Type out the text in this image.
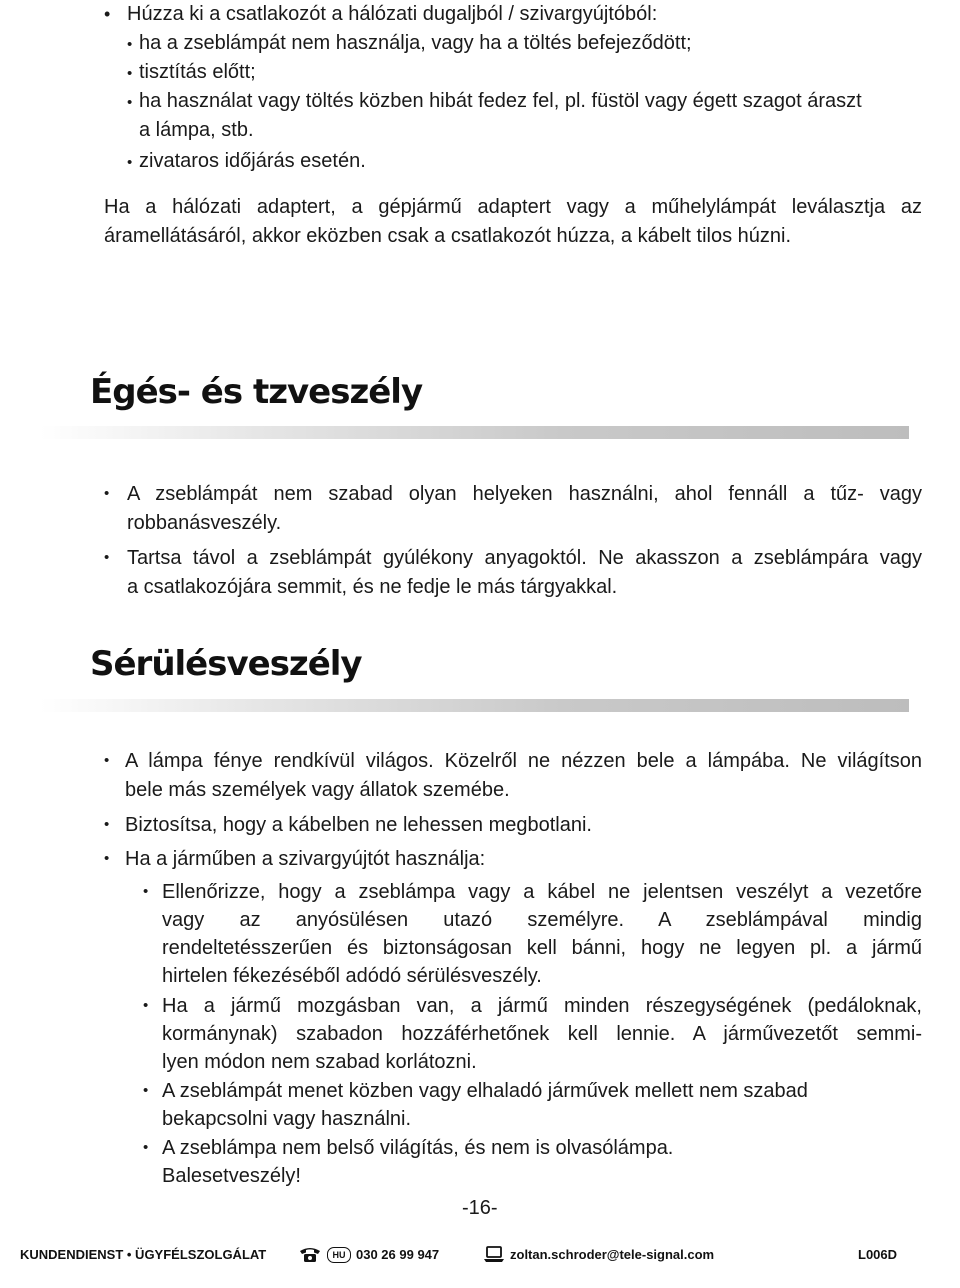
• Húzza ki a csatlakozót a hálózati dugaljból / szivargyújtóból:
• ha a zseblámpát nem használja, vagy ha a töltés befejeződött;
• tisztítás előtt;
• ha használat vagy töltés közben hibát fedez fel, pl. füstöl vagy égett szagot áraszt
a lámpa, stb.
• zivataros időjárás esetén.
Ha a hálózati adaptert, a gépjármű adaptert vagy a műhelylámpát leválasztja az
áramellátásáról, akkor eközben csak a csatlakozót húzza, a kábelt tilos húzni.
Égés- és tzveszély
• A zseblámpát nem szabad olyan helyeken használni, ahol fennáll a tűz- vagy
robbanásveszély.
• Tartsa távol a zseblámpát gyúlékony anyagoktól. Ne akasszon a zseblámpára vagy
a csatlakozójára semmit, és ne fedje le más tárgyakkal.
Sérülésveszély
• A lámpa fénye rendkívül világos. Közelről ne nézzen bele a lámpába. Ne világítson
bele más személyek vagy állatok szemébe.
• Biztosítsa, hogy a kábelben ne lehessen megbotlani.
• Ha a járműben a szivargyújtót használja:
• Ellenőrizze, hogy a zseblámpa vagy a kábel ne jelentsen veszélyt a vezetőre
vagy az anyósülésen utazó személyre. A zseblámpával mindig
rendeltetésszerűen és biztonságosan kell bánni, hogy ne legyen pl. a jármű
hirtelen fékezéséből adódó sérülésveszély.
• Ha a jármű mozgásban van, a jármű minden részegységének (pedáloknak,
kormánynak) szabadon hozzáférhetőnek kell lennie. A járművezetőt semmi-
lyen módon nem szabad korlátozni.
• A zseblámpát menet közben vagy elhaladó járművek mellett nem szabad
bekapcsolni vagy használni.
• A zseblámpa nem belső világítás, és nem is olvasólámpa.
Balesetveszély!
-16-
KUNDENDIENST • ÜGYFÉLSZOLGÁLAT	HU 030 26 99 947	zoltan.schroder@tele-signal.com	L006D
